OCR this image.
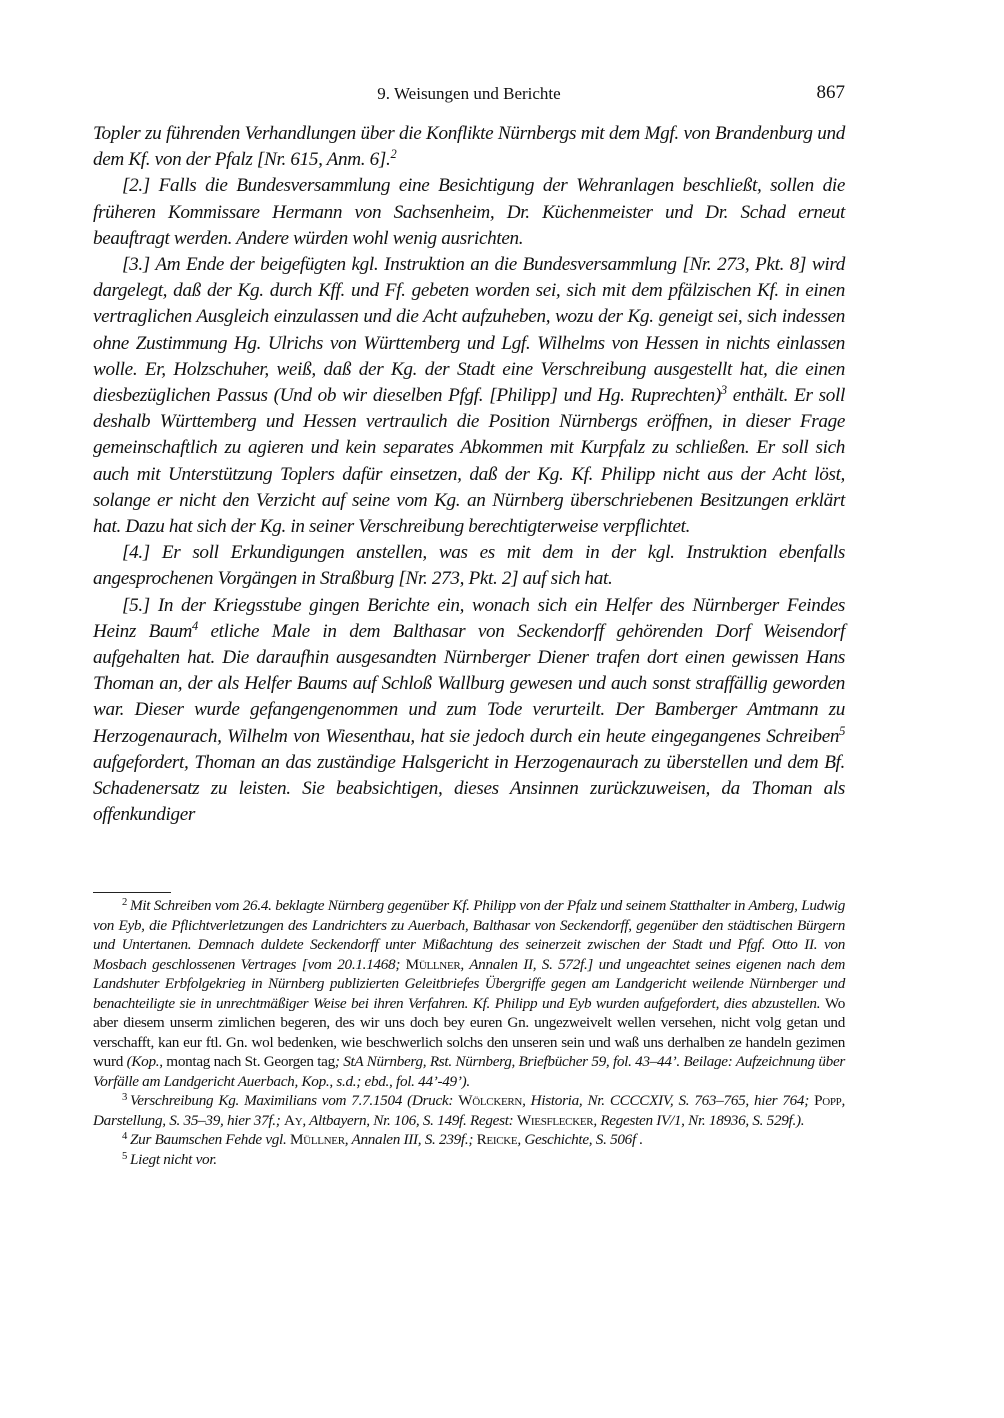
9. Weisungen und Berichte	867

Topler zu führenden Verhandlungen über die Konflikte Nürnbergs mit dem Mgf. von Brandenburg und dem Kf. von der Pfalz [Nr. 615, Anm. 6].$^2$

[2.] Falls die Bundesversammlung eine Besichtigung der Wehranlagen beschließt, sollen die früheren Kommissare Hermann von Sachsenheim, Dr. Küchenmeister und Dr. Schad erneut beauftragt werden. Andere würden wohl wenig ausrichten.

[3.] Am Ende der beigefügten kgl. Instruktion an die Bundesversammlung [Nr. 273, Pkt. 8] wird dargelegt, daß der Kg. durch Kff. und Ff. gebeten worden sei, sich mit dem pfälzischen Kf. in einen vertraglichen Ausgleich einzulassen und die Acht aufzuheben, wozu der Kg. geneigt sei, sich indessen ohne Zustimmung Hg. Ulrichs von Württemberg und Lgf. Wilhelms von Hessen in nichts einlassen wolle. Er, Holzschuher, weiß, daß der Kg. der Stadt eine Verschreibung ausgestellt hat, die einen diesbezüglichen Passus (Und ob wir dieselben Pfgf. [Philipp] und Hg. Ruprechten)$^3$ enthält. Er soll deshalb Württemberg und Hessen vertraulich die Position Nürnbergs eröffnen, in dieser Frage gemeinschaftlich zu agieren und kein separates Abkommen mit Kurpfalz zu schließen. Er soll sich auch mit Unterstützung Toplers dafür einsetzen, daß der Kg. Kf. Philipp nicht aus der Acht löst, solange er nicht den Verzicht auf seine vom Kg. an Nürnberg überschriebenen Besitzungen erklärt hat. Dazu hat sich der Kg. in seiner Verschreibung berechtigterweise verpflichtet.

[4.] Er soll Erkundigungen anstellen, was es mit dem in der kgl. Instruktion ebenfalls angesprochenen Vorgängen in Straßburg [Nr. 273, Pkt. 2] auf sich hat.

[5.] In der Kriegsstube gingen Berichte ein, wonach sich ein Helfer des Nürnberger Feindes Heinz Baum$^4$ etliche Male in dem Balthasar von Seckendorff gehörenden Dorf Weisendorf aufgehalten hat. Die daraufhin ausgesandten Nürnberger Diener trafen dort einen gewissen Hans Thoman an, der als Helfer Baums auf Schloß Wallburg gewesen und auch sonst straffällig geworden war. Dieser wurde gefangengenommen und zum Tode verurteilt. Der Bamberger Amtmann zu Herzogenaurach, Wilhelm von Wiesenthau, hat sie jedoch durch ein heute eingegangenes Schreiben$^5$ aufgefordert, Thoman an das zuständige Halsgericht in Herzogenaurach zu überstellen und dem Bf. Schadenersatz zu leisten. Sie beabsichtigen, dieses Ansinnen zurückzuweisen, da Thoman als offenkundiger

$^2$ Mit Schreiben vom 26.4. beklagte Nürnberg gegenüber Kf. Philipp von der Pfalz und seinem Statthalter in Amberg, Ludwig von Eyb, die Pflichtverletzungen des Landrichters zu Auerbach, Balthasar von Seckendorff, gegenüber den städtischen Bürgern und Untertanen. Demnach duldete Seckendorff unter Mißachtung des seinerzeit zwischen der Stadt und Pfgf. Otto II. von Mosbach geschlossenen Vertrages [vom 20.1.1468; Müllner, Annalen II, S. 572f.] und ungeachtet seines eigenen nach dem Landshuter Erbfolgekrieg in Nürnberg publizierten Geleitbriefes Übergriffe gegen am Landgericht weilende Nürnberger und benachteiligte sie in unrechtmäßiger Weise bei ihren Verfahren. Kf. Philipp und Eyb wurden aufgefordert, dies abzustellen. Wo aber diesem unserm zimlichen begeren, des wir uns doch bey euren Gn. ungezweivelt wellen versehen, nicht volg getan und verschafft, kan eur ftl. Gn. wol bedenken, wie beschwerlich solchs den unseren sein und waß uns derhalben ze handeln gezimen wurd (Kop., montag nach St. Georgen tag; StA Nürnberg, Rst. Nürnberg, Briefbücher 59, fol. 43–44’. Beilage: Aufzeichnung über Vorfälle am Landgericht Auerbach, Kop., s.d.; ebd., fol. 44’-49’).

$^3$ Verschreibung Kg. Maximilians vom 7.7.1504 (Druck: Wölckern, Historia, Nr. CCCCXIV, S. 763–765, hier 764; Popp, Darstellung, S. 35–39, hier 37f.; Ay, Altbayern, Nr. 106, S. 149f. Regest: Wiesflecker, Regesten IV/1, Nr. 18936, S. 529f.).

$^4$ Zur Baumschen Fehde vgl. Müllner, Annalen III, S. 239f.; Reicke, Geschichte, S. 506f .

$^5$ Liegt nicht vor.
